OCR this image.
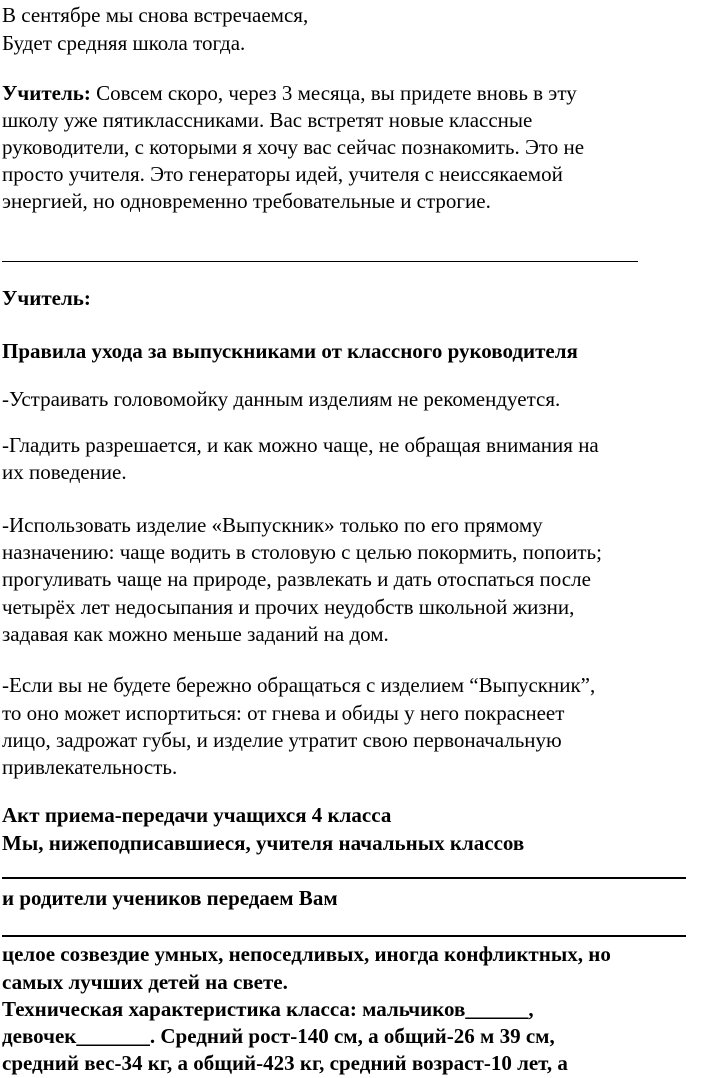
В сентябре мы снова встречаемся,
Будет средняя школа тогда.
Учитель: Совсем скоро, через 3 месяца, вы придете вновь в эту
школу уже пятиклассниками. Вас встретят новые классные
руководители, с которыми я хочу вас сейчас познакомить. Это не
просто учителя. Это генераторы идей, учителя с неиссякаемой
энергией, но одновременно требовательные и строгие.
Учитель:
Правила ухода за выпускниками от классного руководителя
-Устраивать головомойку данным изделиям не рекомендуется.
-Гладить разрешается, и как можно чаще, не обращая внимания на
их поведение.
-Использовать изделие «Выпускник» только по его прямому
назначению: чаще водить в столовую с целью покормить, попоить;
прогуливать чаще на природе, развлекать и дать отоспаться после
четырёх лет недосыпания и прочих неудобств школьной жизни,
задавая как можно меньше заданий на дом.
-Если вы не будете бережно обращаться с изделием “Выпускник”,
то оно может испортиться: от гнева и обиды у него покраснеет
лицо, задрожат губы, и изделие утратит свою первоначальную
привлекательность.
Акт приема-передачи учащихся 4 класса
Мы, нижеподписавшиеся, учителя начальных классов
и родители учеников передаем Вам
целое созвездие умных, непоседливых, иногда конфликтных, но
самых лучших детей на свете.
Техническая характеристика класса: мальчиков______,
девочек_______. Средний рост-140 см, а общий-26 м 39 см,
средний вес-34 кг, а общий-423 кг, средний возраст-10 лет, а
